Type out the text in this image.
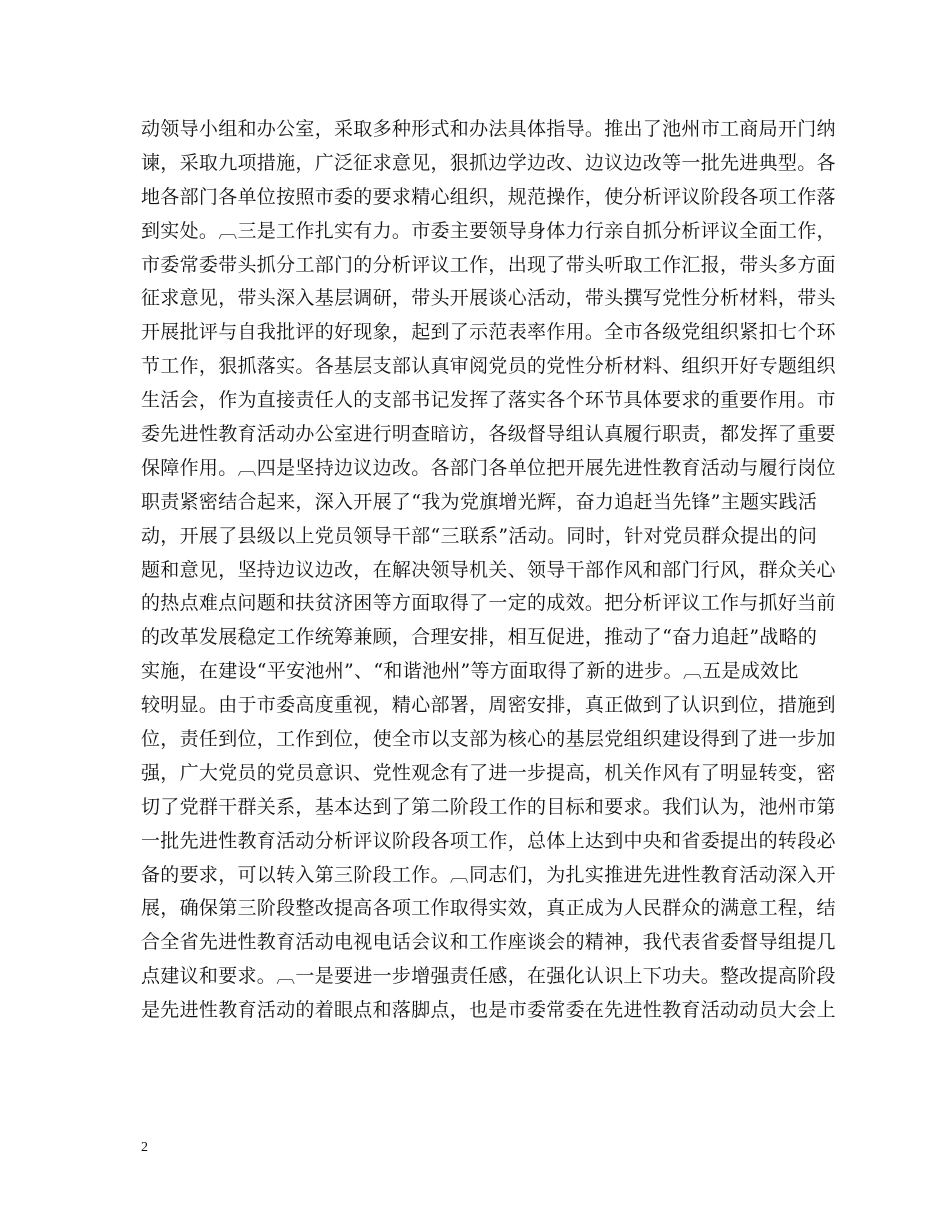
动领导小组和办公室，采取多种形式和办法具体指导。推出了池州市工商局开门纳
谏，采取九项措施，广泛征求意见，狠抓边学边改、边议边改等一批先进典型。各
地各部门各单位按照市委的要求精心组织，规范操作，使分析评议阶段各项工作落
到实处。︹三是工作扎实有力。市委主要领导身体力行亲自抓分析评议全面工作，
市委常委带头抓分工部门的分析评议工作，出现了带头听取工作汇报，带头多方面
征求意见，带头深入基层调研，带头开展谈心活动，带头撰写党性分析材料，带头
开展批评与自我批评的好现象，起到了示范表率作用。全市各级党组织紧扣七个环
节工作，狠抓落实。各基层支部认真审阅党员的党性分析材料、组织开好专题组织
生活会，作为直接责任人的支部书记发挥了落实各个环节具体要求的重要作用。市
委先进性教育活动办公室进行明查暗访，各级督导组认真履行职责，都发挥了重要
保障作用。︹四是坚持边议边改。各部门各单位把开展先进性教育活动与履行岗位
职责紧密结合起来，深入开展了“我为党旗增光辉，奋力追赶当先锋”主题实践活
动，开展了县级以上党员领导干部“三联系”活动。同时，针对党员群众提出的问
题和意见，坚持边议边改，在解决领导机关、领导干部作风和部门行风，群众关心
的热点难点问题和扶贫济困等方面取得了一定的成效。把分析评议工作与抓好当前
的改革发展稳定工作统筹兼顾，合理安排，相互促进，推动了“奋力追赶”战略的
实施，在建设“平安池州”、“和谐池州”等方面取得了新的进步。︹五是成效比
较明显。由于市委高度重视，精心部署，周密安排，真正做到了认识到位，措施到
位，责任到位，工作到位，使全市以支部为核心的基层党组织建设得到了进一步加
强，广大党员的党员意识、党性观念有了进一步提高，机关作风有了明显转变，密
切了党群干群关系，基本达到了第二阶段工作的目标和要求。我们认为，池州市第
一批先进性教育活动分析评议阶段各项工作，总体上达到中央和省委提出的转段必
备的要求，可以转入第三阶段工作。︹同志们，为扎实推进先进性教育活动深入开
展，确保第三阶段整改提高各项工作取得实效，真正成为人民群众的满意工程，结
合全省先进性教育活动电视电话会议和工作座谈会的精神，我代表省委督导组提几
点建议和要求。︹一是要进一步增强责任感，在强化认识上下功夫。整改提高阶段
是先进性教育活动的着眼点和落脚点，也是市委常委在先进性教育活动动员大会上
2
